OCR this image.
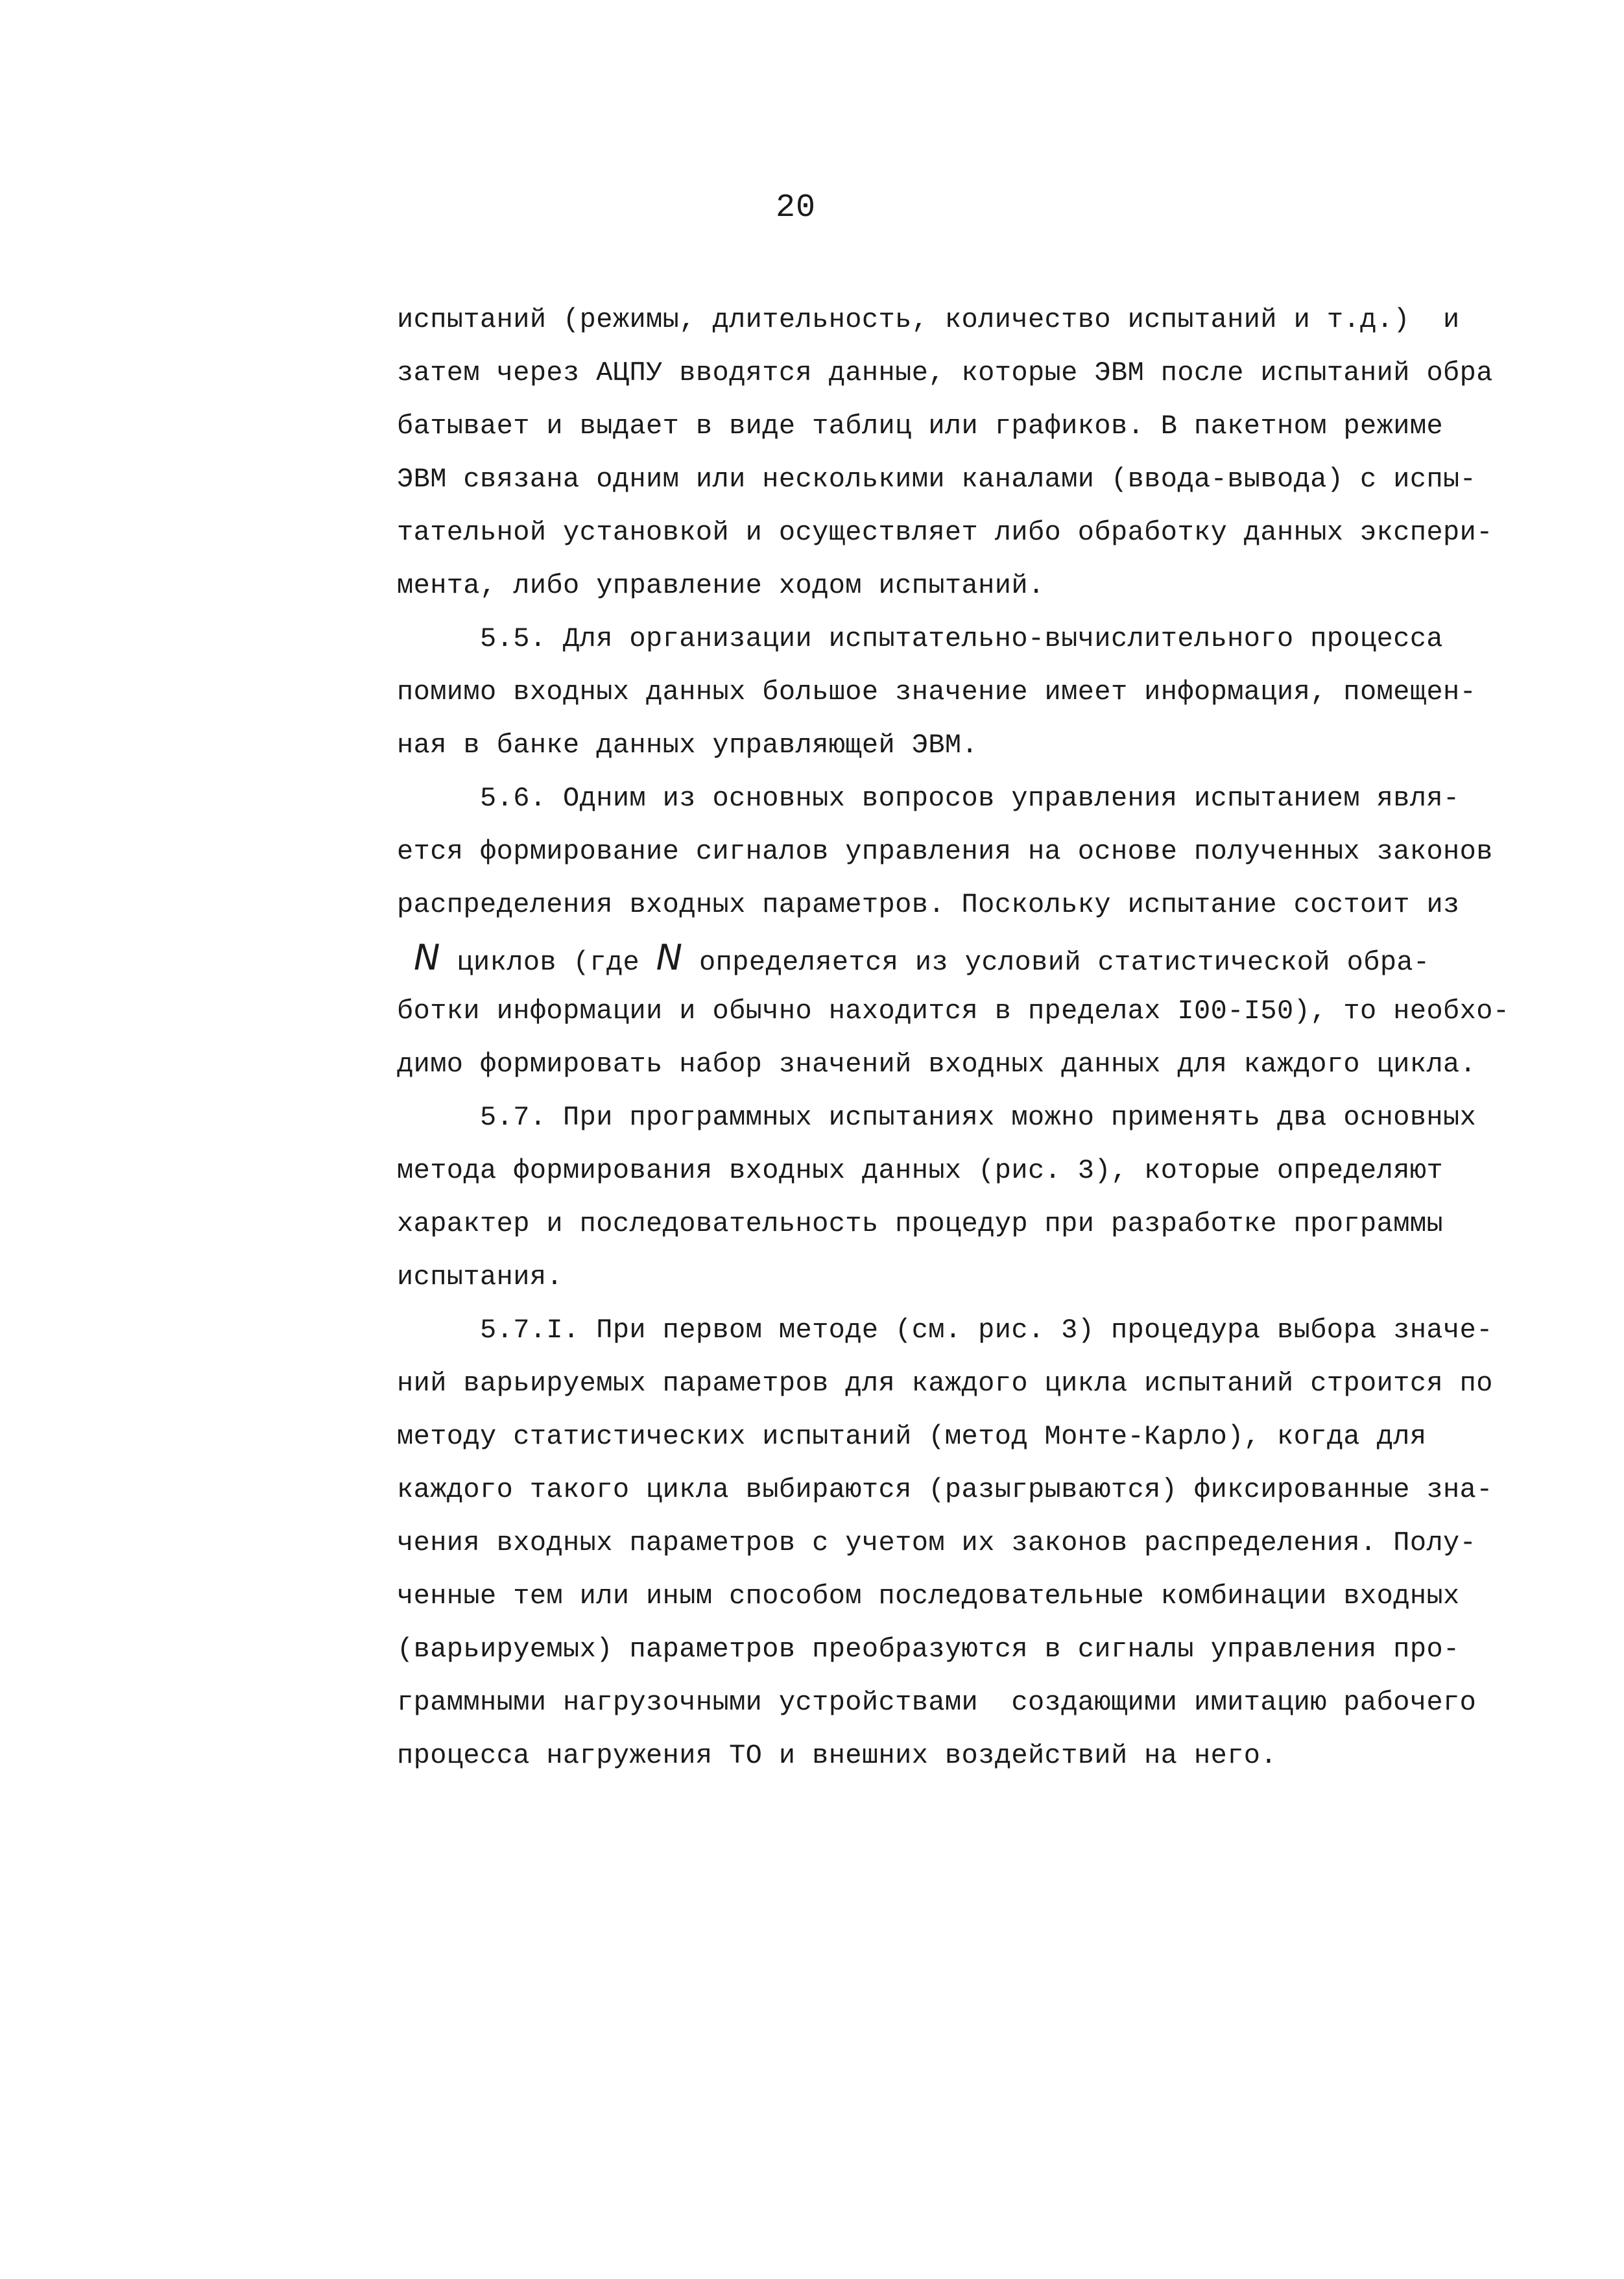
20
испытаний (режимы, длительность, количество испытаний и т.д.)  и
затем через АЦПУ вводятся данные, которые ЭВМ после испытаний обра
батывает и выдает в виде таблиц или графиков. В пакетном режиме
ЭВМ связана одним или несколькими каналами (ввода-вывода) с испы-
тательной установкой и осуществляет либо обработку данных экспери-
мента, либо управление ходом испытаний.
5.5. Для организации испытательно-вычислительного процесса
помимо входных данных большое значение имеет информация, помещен-
ная в банке данных управляющей ЭВМ.
5.6. Одним из основных вопросов управления испытанием явля-
ется формирование сигналов управления на основе полученных законов
распределения входных параметров. Поскольку испытание состоит из
N циклов (где N определяется из условий статистической обра-
ботки информации и обычно находится в пределах I00-I50), то необхо-
димо формировать набор значений входных данных для каждого цикла.
5.7. При программных испытаниях можно применять два основных
метода формирования входных данных (рис. 3), которые определяют
характер и последовательность процедур при разработке программы
испытания.
5.7.I. При первом методе (см. рис. 3) процедура выбора значе-
ний варьируемых параметров для каждого цикла испытаний строится по
методу статистических испытаний (метод Монте-Карло), когда для
каждого такого цикла выбираются (разыгрываются) фиксированные зна-
чения входных параметров с учетом их законов распределения. Полу-
ченные тем или иным способом последовательные комбинации входных
(варьируемых) параметров преобразуются в сигналы управления про-
граммными нагрузочными устройствами  создающими имитацию рабочего
процесса нагружения ТО и внешних воздействий на него.
